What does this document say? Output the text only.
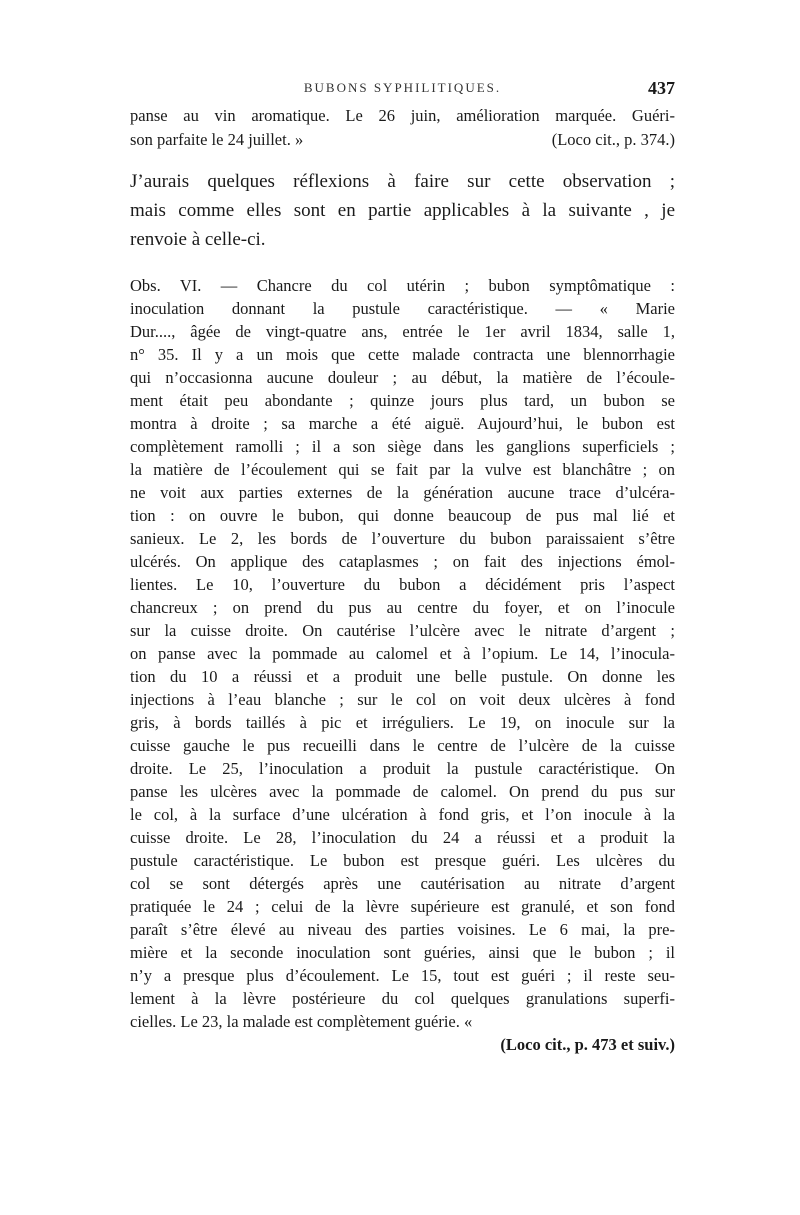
BUBONS SYPHILITIQUES.	437

panse au vin aromatique. Le 26 juin, amélioration marquée. Guéri-

son parfaite le 24 juillet. »	(Loco cit., p. 374.)

J’aurais quelques réflexions à faire sur cette observation ;

mais comme elles sont en partie applicables à la suivante , je

renvoie à celle-ci.

Obs. VI. — Chancre du col utérin ; bubon symptômatique :

inoculation donnant la pustule caractéristique. — « Marie

Dur...., âgée de vingt-quatre ans, entrée le 1er avril 1834, salle 1,

n° 35. Il y a un mois que cette malade contracta une blennorrhagie

qui n’occasionna aucune douleur ; au début, la matière de l’écoule-

ment était peu abondante ; quinze jours plus tard, un bubon se

montra à droite ; sa marche a été aiguë. Aujourd’hui, le bubon est

complètement ramolli ; il a son siège dans les ganglions superficiels ;

la matière de l’écoulement qui se fait par la vulve est blanchâtre ; on

ne voit aux parties externes de la génération aucune trace d’ulcéra-

tion : on ouvre le bubon, qui donne beaucoup de pus mal lié et

sanieux. Le 2, les bords de l’ouverture du bubon paraissaient s’être

ulcérés. On applique des cataplasmes ; on fait des injections émol-

lientes. Le 10, l’ouverture du bubon a décidément pris l’aspect

chancreux ; on prend du pus au centre du foyer, et on l’inocule

sur la cuisse droite. On cautérise l’ulcère avec le nitrate d’argent ;

on panse avec la pommade au calomel et à l’opium. Le 14, l’inocula-

tion du 10 a réussi et a produit une belle pustule. On donne les

injections à l’eau blanche ; sur le col on voit deux ulcères à fond

gris, à bords taillés à pic et irréguliers. Le 19, on inocule sur la

cuisse gauche le pus recueilli dans le centre de l’ulcère de la cuisse

droite. Le 25, l’inoculation a produit la pustule caractéristique. On

panse les ulcères avec la pommade de calomel. On prend du pus sur

le col, à la surface d’une ulcération à fond gris, et l’on inocule à la

cuisse droite. Le 28, l’inoculation du 24 a réussi et a produit la

pustule caractéristique. Le bubon est presque guéri. Les ulcères du

col se sont détergés après une cautérisation au nitrate d’argent

pratiquée le 24 ; celui de la lèvre supérieure est granulé, et son fond

paraît s’être élevé au niveau des parties voisines. Le 6 mai, la pre-

mière et la seconde inoculation sont guéries, ainsi que le bubon ; il

n’y a presque plus d’écoulement. Le 15, tout est guéri ; il reste seu-

lement à la lèvre postérieure du col quelques granulations superfi-

cielles. Le 23, la malade est complètement guérie. «

(Loco cit., p. 473 et suiv.)
